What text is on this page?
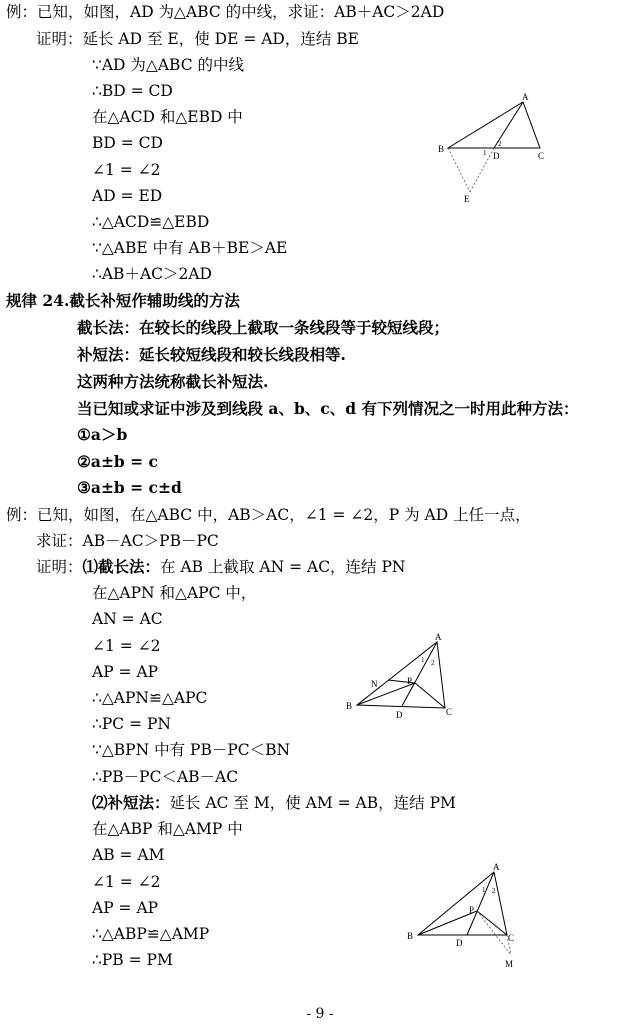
例：已知，如图，AD 为△ABC 的中线，求证：AB＋AC＞2AD
证明：延长 AD 至 E，使 DE = AD，连结 BE
∵AD 为△ABC 的中线
∴BD = CD
在△ACD 和△EBD 中
BD = CD
∠1 = ∠2
AD = ED
∴△ACD≌△EBD
∵△ABE 中有 AB＋BE＞AE
∴AB＋AC＞2AD
A
B
C
D
E
1
2
规律 24.截长补短作辅助线的方法
截长法：在较长的线段上截取一条线段等于较短线段；
补短法：延长较短线段和较长线段相等.
这两种方法统称截长补短法.
当已知或求证中涉及到线段 a、b、c、d 有下列情况之一时用此种方法：
①a＞b
②a±b = c
③a±b = c±d
例：已知，如图，在△ABC 中，AB＞AC，∠1 = ∠2，P 为 AD 上任一点，
求证：AB－AC＞PB－PC
证明：⑴截长法：在 AB 上截取 AN = AC，连结 PN
在△APN 和△APC 中，
AN = AC
∠1 = ∠2
AP = AP
∴△APN≌△APC
∴PC = PN
∵△BPN 中有 PB－PC＜BN
∴PB－PC＜AB－AC
⑵补短法：延长 AC 至 M，使 AM = AB，连结 PM
在△ABP 和△AMP 中
AB = AM
∠1 = ∠2
AP = AP
∴△ABP≌△AMP
∴PB = PM
A
B
C
D
N	P
1 2
A
B	C
D
P
M
1 2
- 9 -
